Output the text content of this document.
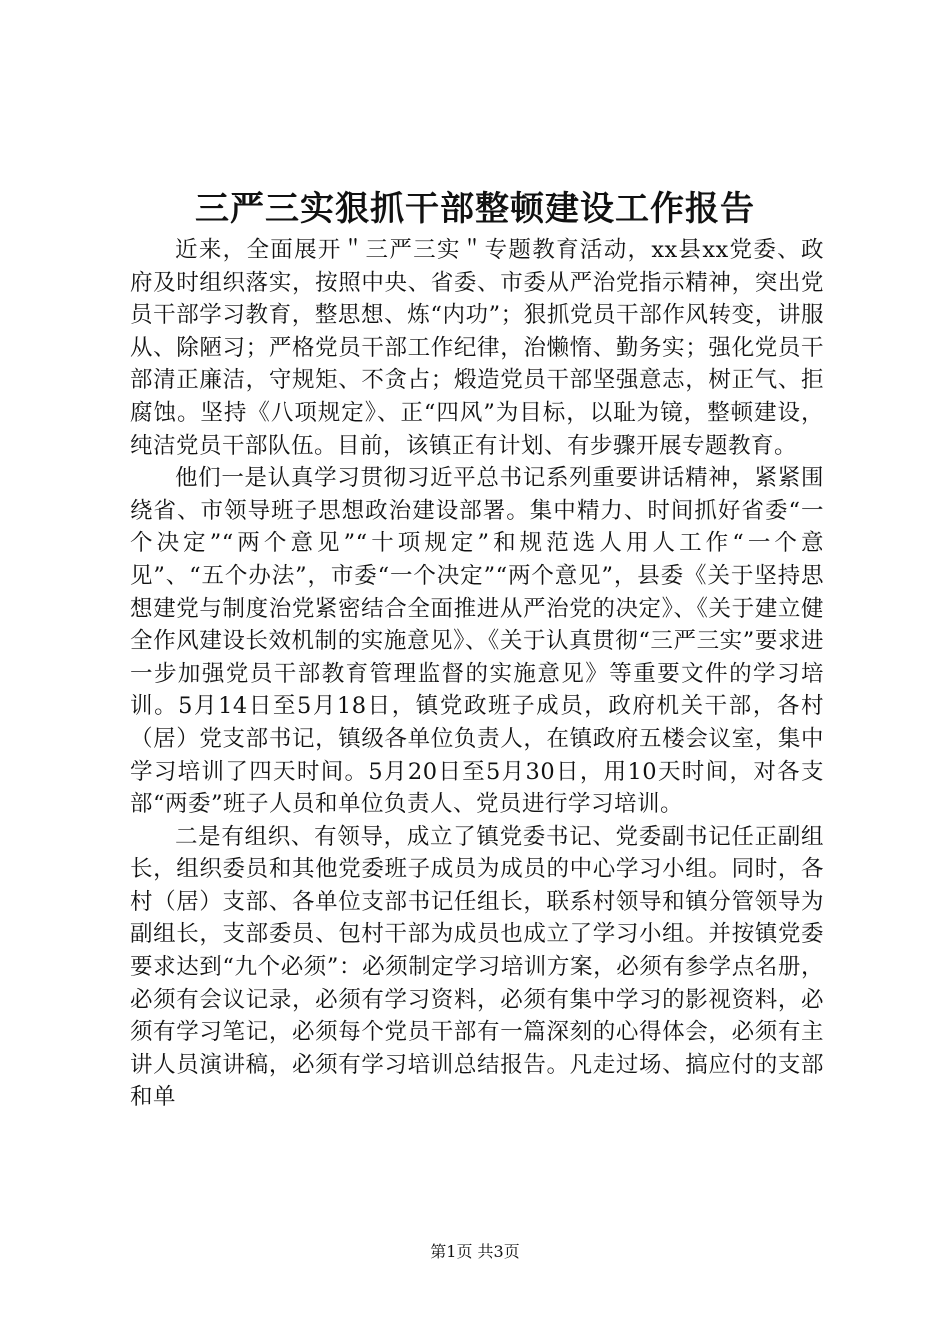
三严三实狠抓干部整顿建设工作报告

近来，全面展开＂三严三实＂专题教育活动，xx县xx党委、政府及时组织落实，按照中央、省委、市委从严治党指示精神，突出党员干部学习教育，整思想、炼“内功”；狠抓党员干部作风转变，讲服从、除陋习；严格党员干部工作纪律，治懒惰、勤务实；强化党员干部清正廉洁，守规矩、不贪占；煅造党员干部坚强意志，树正气、拒腐蚀。坚持《八项规定》、正“四风”为目标，以耻为镜，整顿建设，纯洁党员干部队伍。目前，该镇正有计划、有步骤开展专题教育。

他们一是认真学习贯彻习近平总书记系列重要讲话精神，紧紧围绕省、市领导班子思想政治建设部署。集中精力、时间抓好省委“一个决定”“两个意见”“十项规定”和规范选人用人工作“一个意见”、“五个办法”，市委“一个决定”“两个意见”，县委《关于坚持思想建党与制度治党紧密结合全面推进从严治党的决定》、《关于建立健全作风建设长效机制的实施意见》、《关于认真贯彻“三严三实”要求进一步加强党员干部教育管理监督的实施意见》等重要文件的学习培训。5月14日至5月18日，镇党政班子成员，政府机关干部，各村（居）党支部书记，镇级各单位负责人，在镇政府五楼会议室，集中学习培训了四天时间。5月20日至5月30日，用10天时间，对各支部“两委”班子人员和单位负责人、党员进行学习培训。

二是有组织、有领导，成立了镇党委书记、党委副书记任正副组长，组织委员和其他党委班子成员为成员的中心学习小组。同时，各村（居）支部、各单位支部书记任组长，联系村领导和镇分管领导为副组长，支部委员、包村干部为成员也成立了学习小组。并按镇党委要求达到“九个必须”：必须制定学习培训方案，必须有参学点名册，必须有会议记录，必须有学习资料，必须有集中学习的影视资料，必须有学习笔记，必须每个党员干部有一篇深刻的心得体会，必须有主讲人员演讲稿，必须有学习培训总结报告。凡走过场、搞应付的支部和单

第1页 共3页
